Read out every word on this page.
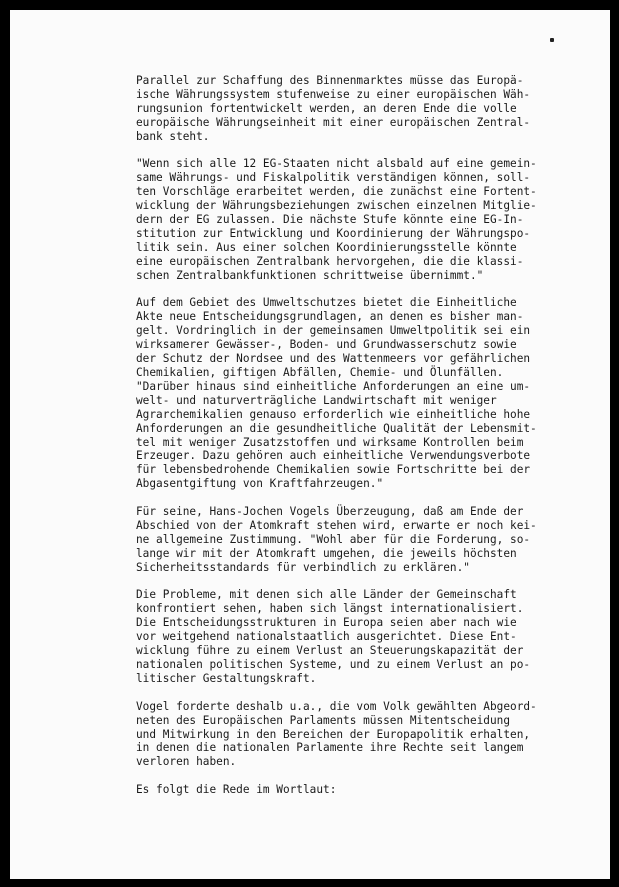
Parallel zur Schaffung des Binnenmarktes müsse das Europä-
ische Währungssystem stufenweise zu einer europäischen Wäh-
rungsunion fortentwickelt werden, an deren Ende die volle
europäische Währungseinheit mit einer europäischen Zentral-
bank steht.

"Wenn sich alle 12 EG-Staaten nicht alsbald auf eine gemein-
same Währungs- und Fiskalpolitik verständigen können, soll-
ten Vorschläge erarbeitet werden, die zunächst eine Fortent-
wicklung der Währungsbeziehungen zwischen einzelnen Mitglie-
dern der EG zulassen. Die nächste Stufe könnte eine EG-In-
stitution zur Entwicklung und Koordinierung der Währungspo-
litik sein. Aus einer solchen Koordinierungsstelle könnte
eine europäischen Zentralbank hervorgehen, die die klassi-
schen Zentralbankfunktionen schrittweise übernimmt."

Auf dem Gebiet des Umweltschutzes bietet die Einheitliche
Akte neue Entscheidungsgrundlagen, an denen es bisher man-
gelt. Vordringlich in der gemeinsamen Umweltpolitik sei ein
wirksamerer Gewässer-, Boden- und Grundwasserschutz sowie
der Schutz der Nordsee und des Wattenmeers vor gefährlichen
Chemikalien, giftigen Abfällen, Chemie- und Ölunfällen.
"Darüber hinaus sind einheitliche Anforderungen an eine um-
welt- und naturverträgliche Landwirtschaft mit weniger
Agrarchemikalien genauso erforderlich wie einheitliche hohe
Anforderungen an die gesundheitliche Qualität der Lebensmit-
tel mit weniger Zusatzstoffen und wirksame Kontrollen beim
Erzeuger. Dazu gehören auch einheitliche Verwendungsverbote
für lebensbedrohende Chemikalien sowie Fortschritte bei der
Abgasentgiftung von Kraftfahrzeugen."

Für seine, Hans-Jochen Vogels Überzeugung, daß am Ende der
Abschied von der Atomkraft stehen wird, erwarte er noch kei-
ne allgemeine Zustimmung. "Wohl aber für die Forderung, so-
lange wir mit der Atomkraft umgehen, die jeweils höchsten
Sicherheitsstandards für verbindlich zu erklären."

Die Probleme, mit denen sich alle Länder der Gemeinschaft
konfrontiert sehen, haben sich längst internationalisiert.
Die Entscheidungsstrukturen in Europa seien aber nach wie
vor weitgehend nationalstaatlich ausgerichtet. Diese Ent-
wicklung führe zu einem Verlust an Steuerungskapazität der
nationalen politischen Systeme, und zu einem Verlust an po-
litischer Gestaltungskraft.

Vogel forderte deshalb u.a., die vom Volk gewählten Abgeord-
neten des Europäischen Parlaments müssen Mitentscheidung
und Mitwirkung in den Bereichen der Europapolitik erhalten,
in denen die nationalen Parlamente ihre Rechte seit langem
verloren haben.

Es folgt die Rede im Wortlaut:
